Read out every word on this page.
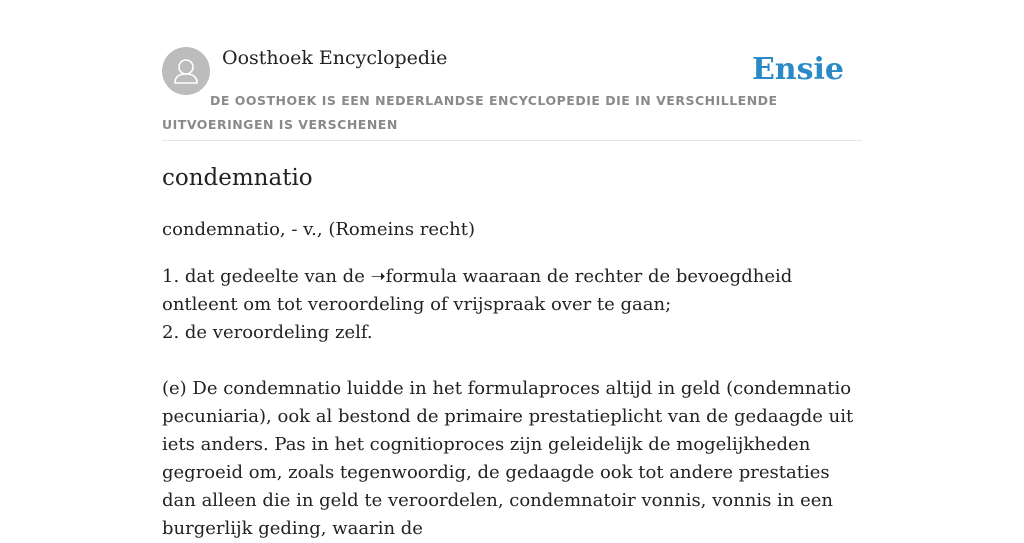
Oosthoek Encyclopedie	Ensie
DE OOSTHOEK IS EEN NEDERLANDSE ENCYCLOPEDIE DIE IN VERSCHILLENDE UITVOERINGEN IS VERSCHENEN
condemnatio
condemnatio, - v., (Romeins recht)

1. dat gedeelte van de ➝formula waaraan de rechter de bevoegdheid ontleent om tot veroordeling of vrijspraak over te gaan;

2. de veroordeling zelf.

(e) De condemnatio luidde in het formulaproces altijd in geld (condemnatio pecuniaria), ook al bestond de primaire prestatieplicht van de gedaagde uit iets anders. Pas in het cognitioproces zijn geleidelijk de mogelijkheden gegroeid om, zoals tegenwoordig, de gedaagde ook tot andere prestaties dan alleen die in geld te veroordelen, condemnatoir vonnis, vonnis in een burgerlijk geding, waarin de
